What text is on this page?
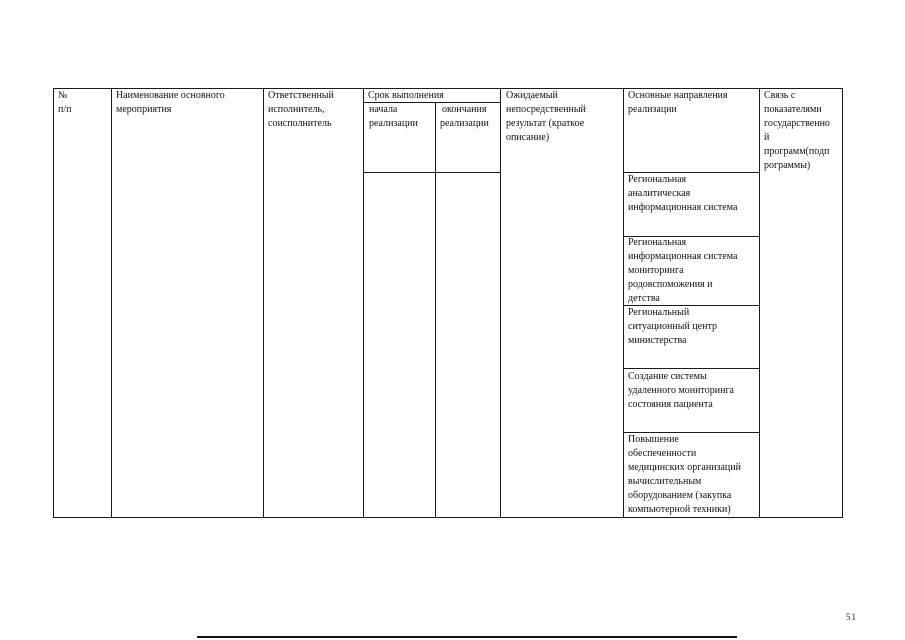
№
п/п
Наименование основного
мероприятия
Ответственный
исполнитель,
соисполнитель
Срок выполнения
начала
реализации
окончания
реализации
Ожидаемый
непосредственный
результат (краткое
описание)
Основные направления
реализации
Связь с
показателями
государственно
й
программ(подп
рограммы)
Региональная
аналитическая
информационная система
Региональная
информационная система
мониторинга
родовспоможения и
детства
Региональный
ситуационный центр
министерства
Создание системы
удаленного мониторинга
состояния пациента
Повышение
обеспеченности
медицинских организаций
вычислительным
оборудованием (закупка
компьютерной техники)
51
